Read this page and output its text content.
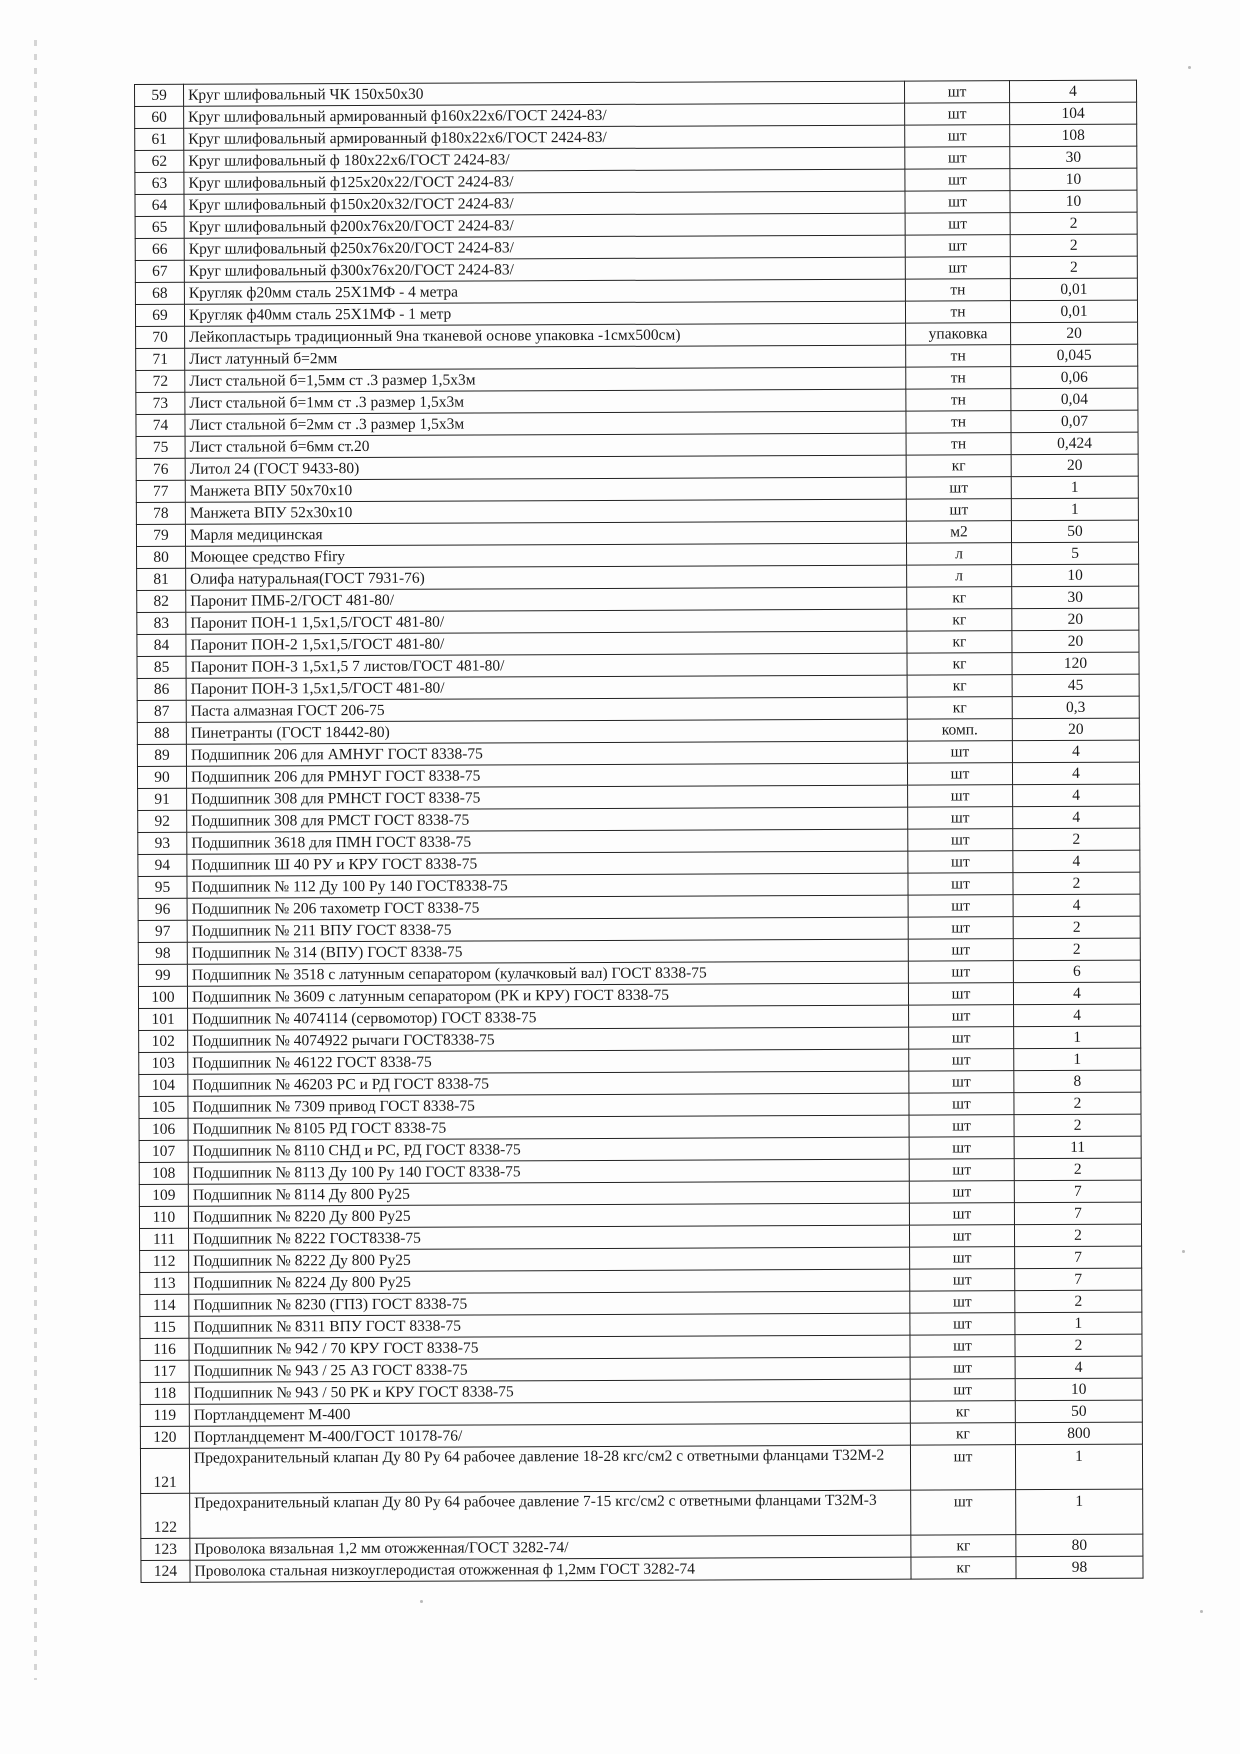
59	Круг шлифовальный ЧК 150x50x30	шт	4
60	Круг шлифовальный армированный ф160x22x6/ГОСТ 2424-83/	шт	104
61	Круг шлифовальный армированный ф180x22x6/ГОСТ 2424-83/	шт	108
62	Круг шлифовальный ф 180x22x6/ГОСТ 2424-83/	шт	30
63	Круг шлифовальный ф125x20x22/ГОСТ 2424-83/	шт	10
64	Круг шлифовальный ф150x20x32/ГОСТ 2424-83/	шт	10
65	Круг шлифовальный ф200x76x20/ГОСТ 2424-83/	шт	2
66	Круг шлифовальный ф250x76x20/ГОСТ 2424-83/	шт	2
67	Круг шлифовальный ф300x76x20/ГОСТ 2424-83/	шт	2
68	Кругляк ф20мм сталь 25Х1МФ - 4 метра	тн	0,01
69	Кругляк ф40мм сталь 25Х1МФ - 1 метр	тн	0,01
70	Лейкопластырь традиционный 9на тканевой основе упаковка -1смx500см)	упаковка	20
71	Лист латунный б=2мм	тн	0,045
72	Лист стальной б=1,5мм ст .3 размер 1,5х3м	тн	0,06
73	Лист стальной б=1мм ст .3 размер 1,5х3м	тн	0,04
74	Лист стальной б=2мм ст .3 размер 1,5х3м	тн	0,07
75	Лист стальной б=6мм ст.20	тн	0,424
76	Литол 24 (ГОСТ 9433-80)	кг	20
77	Манжета ВПУ 50x70x10	шт	1
78	Манжета ВПУ 52x30x10	шт	1
79	Марля медицинская	м2	50
80	Моющее средство Ffiry	л	5
81	Олифа натуральная(ГОСТ 7931-76)	л	10
82	Паронит ПМБ-2/ГОСТ 481-80/	кг	30
83	Паронит ПОН-1 1,5x1,5/ГОСТ 481-80/	кг	20
84	Паронит ПОН-2 1,5x1,5/ГОСТ 481-80/	кг	20
85	Паронит ПОН-3 1,5x1,5 7 листов/ГОСТ 481-80/	кг	120
86	Паронит ПОН-3 1,5x1,5/ГОСТ 481-80/	кг	45
87	Паста алмазная ГОСТ 206-75	кг	0,3
88	Пинетранты (ГОСТ 18442-80)	комп.	20
89	Подшипник 206 для АМНУГ ГОСТ 8338-75	шт	4
90	Подшипник 206 для РМНУГ ГОСТ 8338-75	шт	4
91	Подшипник 308 для РМНСТ ГОСТ 8338-75	шт	4
92	Подшипник 308 для РМСТ ГОСТ 8338-75	шт	4
93	Подшипник 3618 для ПМН ГОСТ 8338-75	шт	2
94	Подшипник Ш 40 РУ и КРУ ГОСТ 8338-75	шт	4
95	Подшипник № 112 Ду 100 Ру 140 ГОСТ8338-75	шт	2
96	Подшипник № 206 тахометр ГОСТ 8338-75	шт	4
97	Подшипник № 211 ВПУ ГОСТ 8338-75	шт	2
98	Подшипник № 314 (ВПУ) ГОСТ 8338-75	шт	2
99	Подшипник № 3518 с латунным сепаратором (кулачковый вал) ГОСТ 8338-75	шт	6
100	Подшипник № 3609 с латунным сепаратором (РК и КРУ) ГОСТ 8338-75	шт	4
101	Подшипник № 4074114 (сервомотор) ГОСТ 8338-75	шт	4
102	Подшипник № 4074922 рычаги ГОСТ8338-75	шт	1
103	Подшипник № 46122 ГОСТ 8338-75	шт	1
104	Подшипник № 46203 РС и РД ГОСТ 8338-75	шт	8
105	Подшипник № 7309 привод ГОСТ 8338-75	шт	2
106	Подшипник № 8105 РД ГОСТ 8338-75	шт	2
107	Подшипник № 8110 СНД и РС, РД ГОСТ 8338-75	шт	11
108	Подшипник № 8113 Ду 100 Ру 140 ГОСТ 8338-75	шт	2
109	Подшипник № 8114 Ду 800 Ру25	шт	7
110	Подшипник № 8220 Ду 800 Ру25	шт	7
111	Подшипник № 8222 ГОСТ8338-75	шт	2
112	Подшипник № 8222 Ду 800 Ру25	шт	7
113	Подшипник № 8224 Ду 800 Ру25	шт	7
114	Подшипник № 8230 (ГПЗ) ГОСТ 8338-75	шт	2
115	Подшипник № 8311 ВПУ ГОСТ 8338-75	шт	1
116	Подшипник № 942 / 70 КРУ ГОСТ 8338-75	шт	2
117	Подшипник № 943 / 25 АЗ ГОСТ 8338-75	шт	4
118	Подшипник № 943 / 50 РК и КРУ ГОСТ 8338-75	шт	10
119	Портландцемент М-400	кг	50
120	Портландцемент М-400/ГОСТ 10178-76/	кг	800
121	Предохранительный клапан Ду 80 Ру 64 рабочее давление 18-28 кгс/см2 с ответными фланцами Т32М-2	шт	1
122	Предохранительный клапан Ду 80 Ру 64 рабочее давление 7-15 кгс/см2 с ответными фланцами Т32М-3	шт	1
123	Проволока вязальная 1,2 мм отожженная/ГОСТ 3282-74/	кг	80
124	Проволока стальная низкоуглеродистая отожженная ф 1,2мм ГОСТ 3282-74	кг	98
